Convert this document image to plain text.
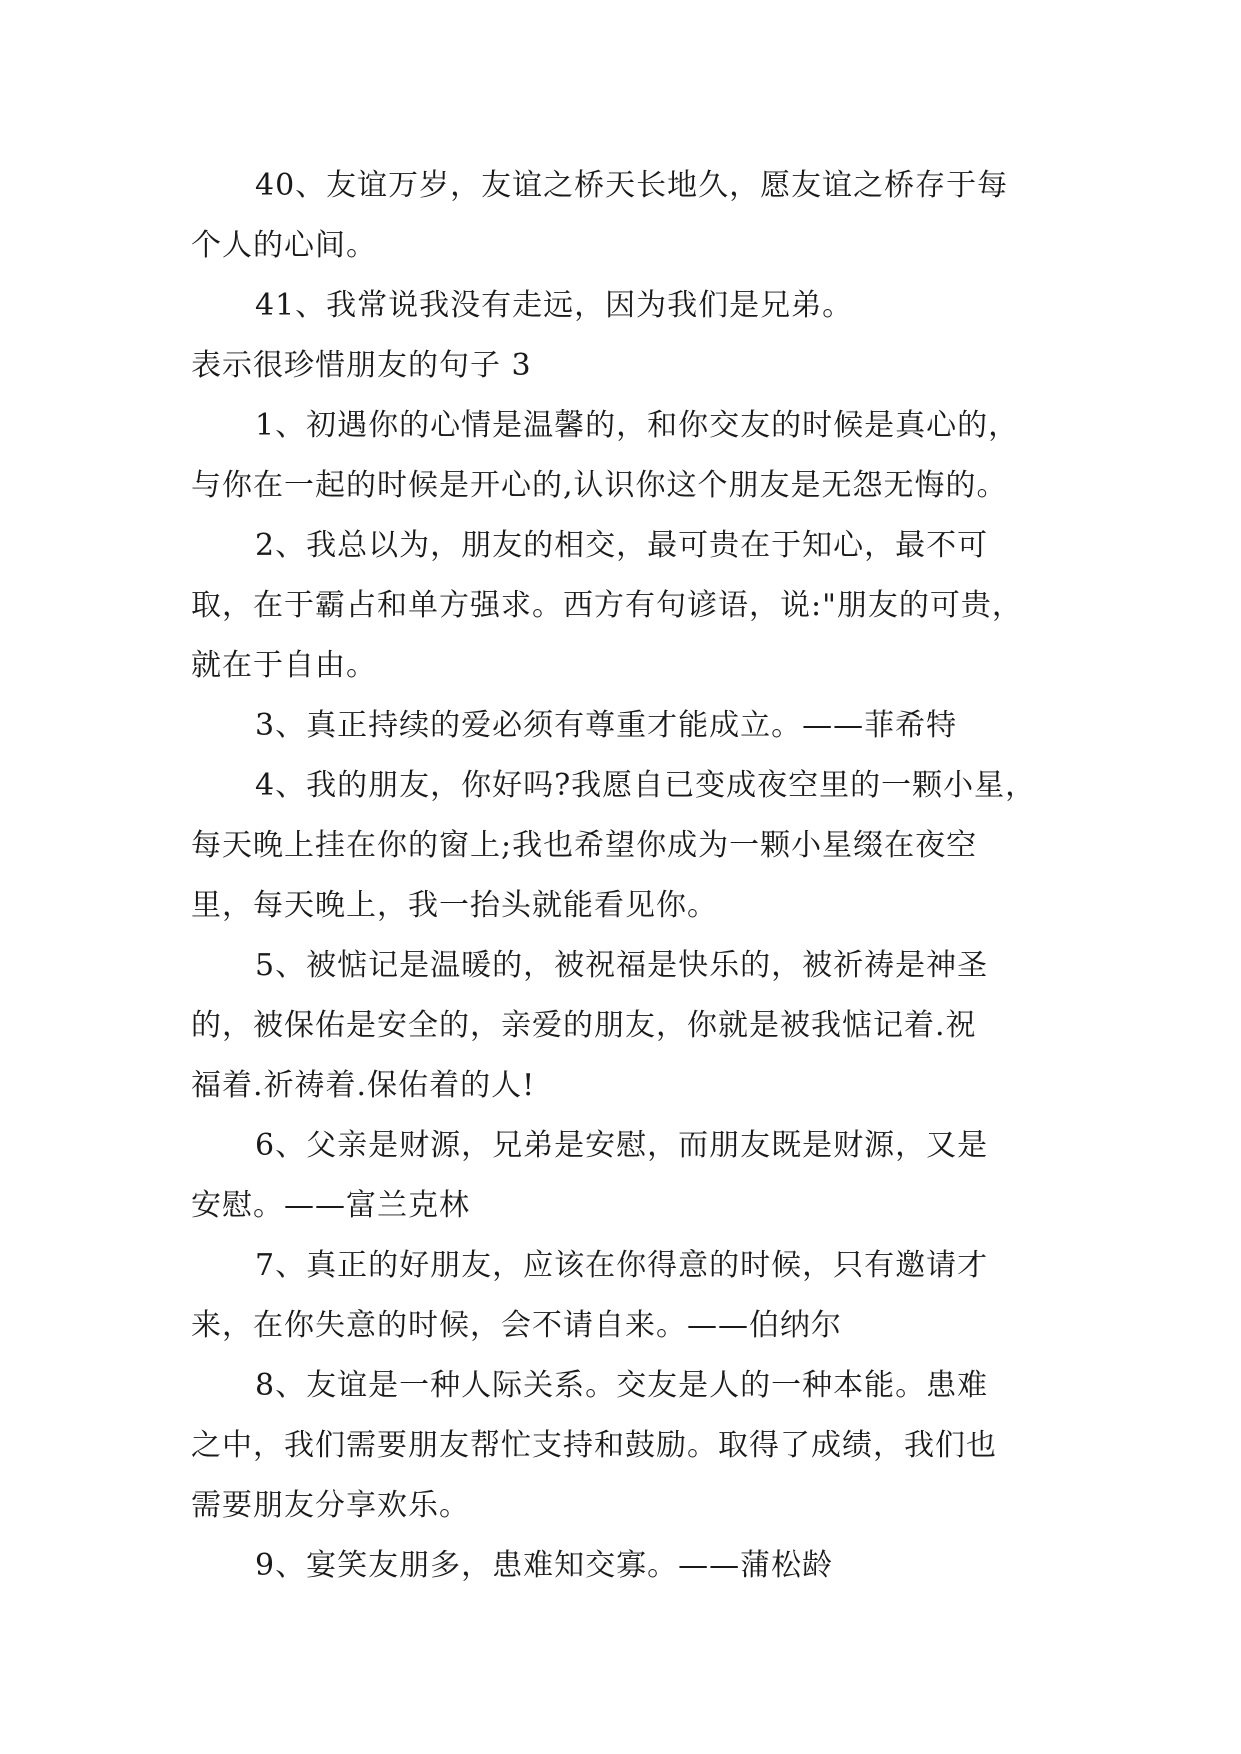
40、友谊万岁，友谊之桥天长地久，愿友谊之桥存于每
个人的心间。
41、我常说我没有走远，因为我们是兄弟。
表示很珍惜朋友的句子 3
1、初遇你的心情是温馨的，和你交友的时候是真心的，
与你在一起的时候是开心的,认识你这个朋友是无怨无悔的。
2、我总以为，朋友的相交，最可贵在于知心，最不可
取，在于霸占和单方强求。西方有句谚语，说:"朋友的可贵，
就在于自由。
3、真正持续的爱必须有尊重才能成立。——菲希特
4、我的朋友，你好吗?我愿自已变成夜空里的一颗小星，
每天晚上挂在你的窗上;我也希望你成为一颗小星缀在夜空
里，每天晚上，我一抬头就能看见你。
5、被惦记是温暖的，被祝福是快乐的，被祈祷是神圣
的，被保佑是安全的，亲爱的朋友，你就是被我惦记着.祝
福着.祈祷着.保佑着的人!
6、父亲是财源，兄弟是安慰，而朋友既是财源，又是
安慰。——富兰克林
7、真正的好朋友，应该在你得意的时候，只有邀请才
来，在你失意的时候，会不请自来。——伯纳尔
8、友谊是一种人际关系。交友是人的一种本能。患难
之中，我们需要朋友帮忙支持和鼓励。取得了成绩，我们也
需要朋友分享欢乐。
9、宴笑友朋多，患难知交寡。——蒲松龄
